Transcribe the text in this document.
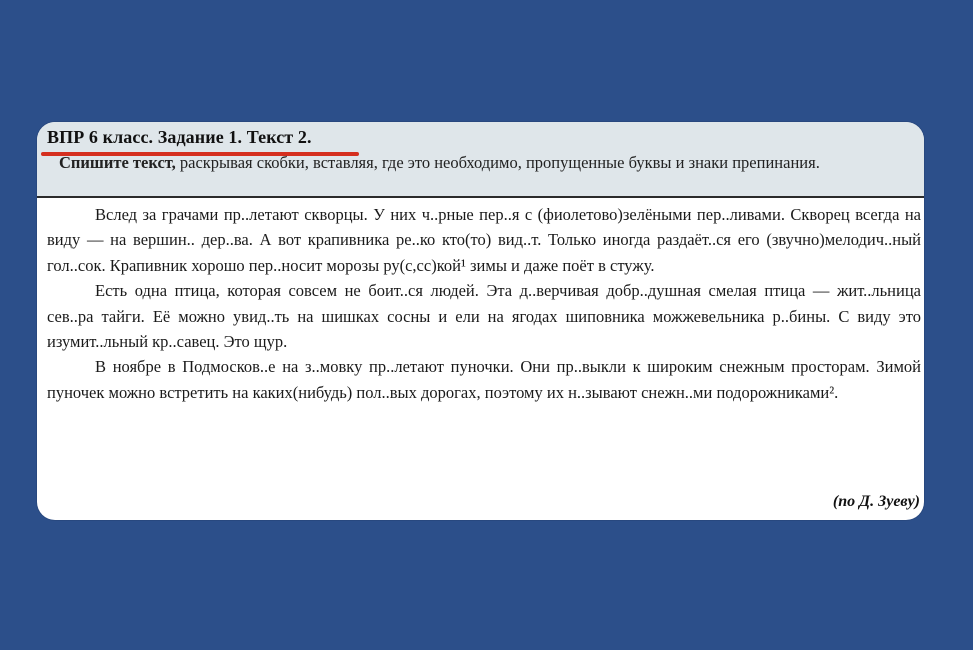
ВПР 6 класс. Задание 1. Текст 2.
Спишите текст, раскрывая скобки, вставляя, где это необходимо, пропущенные буквы и знаки препинания.

Вслед за грачами пр..летают скворцы. У них ч..рные пер..я с (фиолетово)зелёными пер..ливами. Скворец всегда на виду — на вершин.. дер..ва. А вот крапивника ре..ко кто(то) вид..т. Только иногда раздаёт..ся его (звучно)мелодич..ный гол..сок. Крапивник хорошо пер..носит морозы ру(с,сс)кой¹ зимы и даже поёт в стужу.

Есть одна птица, которая совсем не боит..ся людей. Эта д..верчивая добр..душная смелая птица — жит..льница сев..ра тайги. Её можно увид..ть на шишках сосны и ели на ягодах шиповника можжевельника р..бины. С виду это изумит..льный кр..савец. Это щур.

В ноябре в Подмосков..е на з..мовку пр..летают пуночки. Они пр..выкли к широким снежным просторам. Зимой пуночек можно встретить на каких(нибудь) пол..вых дорогах, поэтому их н..зывают снежн..ми подорожниками².

(по Д. Зуеву)
